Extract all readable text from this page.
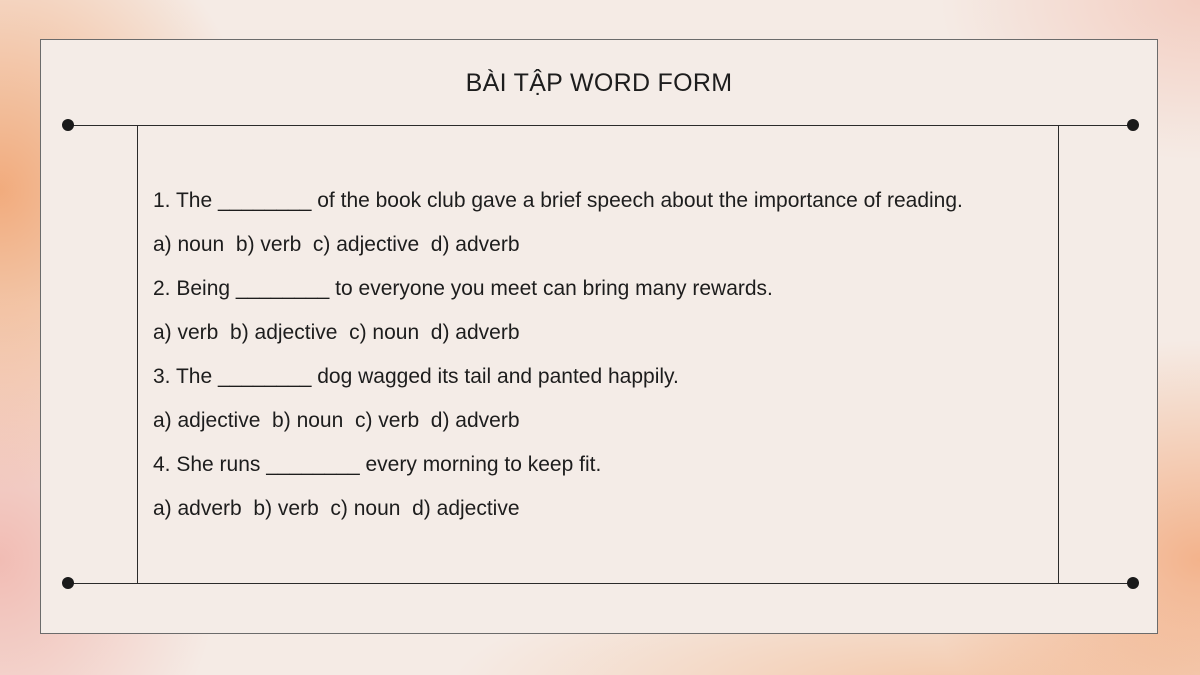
BÀI TẬP WORD FORM
1. The ________ of the book club gave a brief speech about the importance of reading.
a) noun  b) verb  c) adjective  d) adverb
2. Being ________ to everyone you meet can bring many rewards.
a) verb  b) adjective  c) noun  d) adverb
3. The ________ dog wagged its tail and panted happily.
a) adjective  b) noun  c) verb  d) adverb
4. She runs ________ every morning to keep fit.
a) adverb  b) verb  c) noun  d) adjective
